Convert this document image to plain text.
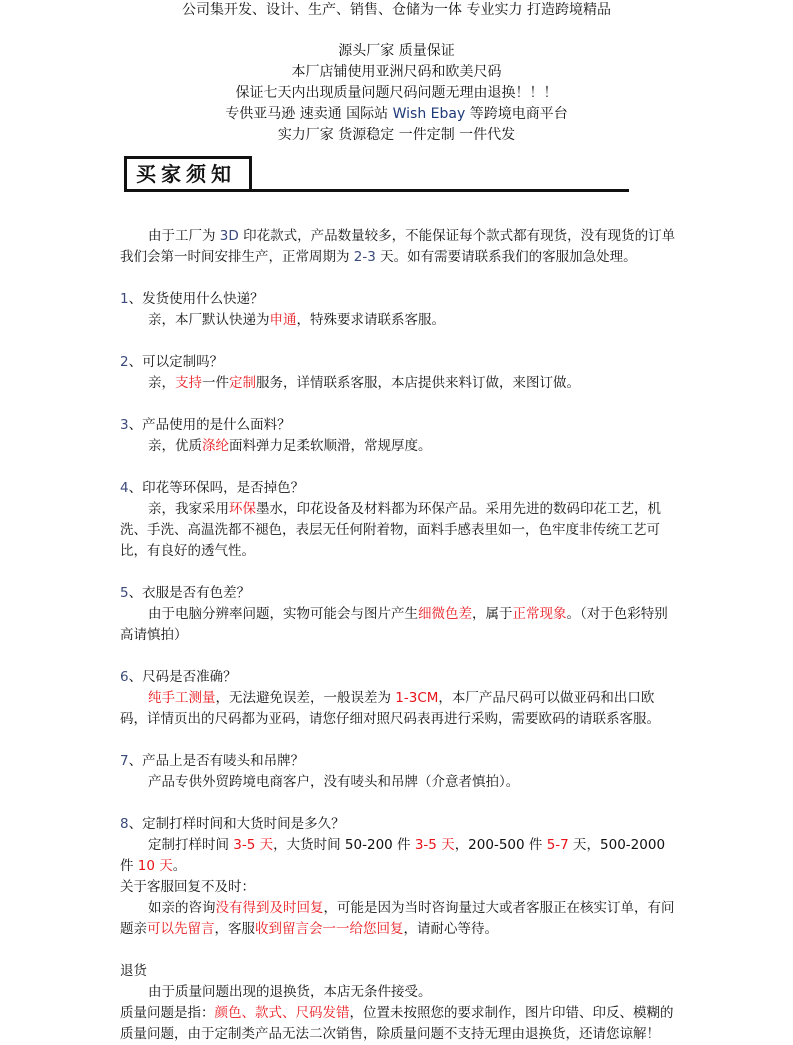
公司集开发、设计、生产、销售、仓储为一体 专业实力 打造跨境精品
源头厂家 质量保证
本厂店铺使用亚洲尺码和欧美尺码
保证七天内出现质量问题尺码问题无理由退换！！！
专供亚马逊 速卖通 国际站 Wish Ebay 等跨境电商平台
实力厂家 货源稳定 一件定制 一件代发
买家须知

由于工厂为 3D 印花款式，产品数量较多，不能保证每个款式都有现货，没有现货的订单我们会第一时间安排生产，正常周期为 2-3 天。如有需要请联系我们的客服加急处理。

1、发货使用什么快递？

亲，本厂默认快递为申通，特殊要求请联系客服。

2、可以定制吗？

亲，支持一件定制服务，详情联系客服，本店提供来料订做，来图订做。

3、产品使用的是什么面料？

亲，优质涤纶面料弹力足柔软顺滑，常规厚度。

4、印花等环保吗，是否掉色？

亲，我家采用环保墨水，印花设备及材料都为环保产品。采用先进的数码印花工艺，机洗、手洗、高温洗都不褪色，表层无任何附着物，面料手感表里如一，色牢度非传统工艺可比，有良好的透气性。

5、衣服是否有色差？

由于电脑分辨率问题，实物可能会与图片产生细微色差，属于正常现象。（对于色彩特别高请慎拍）

6、尺码是否准确？

纯手工测量，无法避免误差，一般误差为 1-3CM，本厂产品尺码可以做亚码和出口欧码，详情页出的尺码都为亚码，请您仔细对照尺码表再进行采购，需要欧码的请联系客服。

7、产品上是否有唛头和吊牌？

产品专供外贸跨境电商客户，没有唛头和吊牌（介意者慎拍）。

8、定制打样时间和大货时间是多久？

定制打样时间 3-5 天，大货时间 50-200 件 3-5 天，200-500 件 5-7 天，500-2000 件 10 天。

关于客服回复不及时：

如亲的咨询没有得到及时回复，可能是因为当时咨询量过大或者客服正在核实订单，有问题亲可以先留言，客服收到留言会一一给您回复，请耐心等待。

退货

由于质量问题出现的退换货，本店无条件接受。

质量问题是指：颜色、款式、尺码发错，位置未按照您的要求制作，图片印错、印反、模糊的质量问题，由于定制类产品无法二次销售，除质量问题不支持无理由退换货，还请您谅解！
